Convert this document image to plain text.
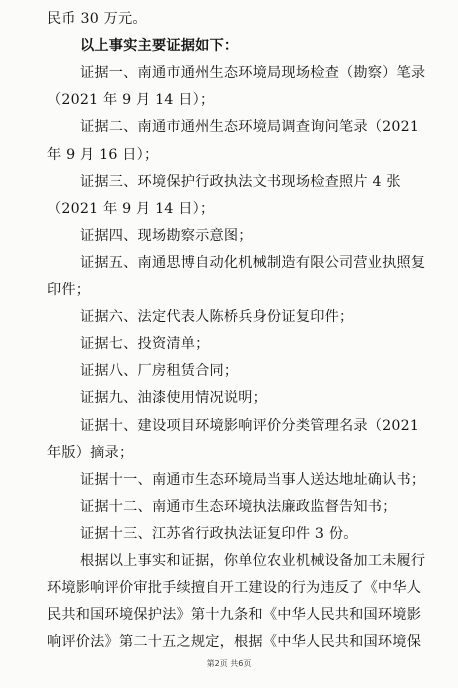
民币 30 万元。
以上事实主要证据如下：
证据一、南通市通州生态环境局现场检查（勘察）笔录
（2021 年 9 月 14 日）；
证据二、南通市通州生态环境局调查询问笔录（2021
年 9 月 16 日）；
证据三、环境保护行政执法文书现场检查照片 4 张
（2021 年 9 月 14 日）；
证据四、现场勘察示意图；
证据五、南通思博自动化机械制造有限公司营业执照复
印件；
证据六、法定代表人陈桥兵身份证复印件；
证据七、投资清单；
证据八、厂房租赁合同；
证据九、油漆使用情况说明；
证据十、建设项目环境影响评价分类管理名录（2021
年版）摘录；
证据十一、南通市生态环境局当事人送达地址确认书；
证据十二、南通市生态环境执法廉政监督告知书；
证据十三、江苏省行政执法证复印件 3 份。
根据以上事实和证据，你单位农业机械设备加工未履行
环境影响评价审批手续擅自开工建设的行为违反了《中华人
民共和国环境保护法》第十九条和《中华人民共和国环境影
响评价法》第二十五之规定，根据《中华人民共和国环境保
第2页 共6页
